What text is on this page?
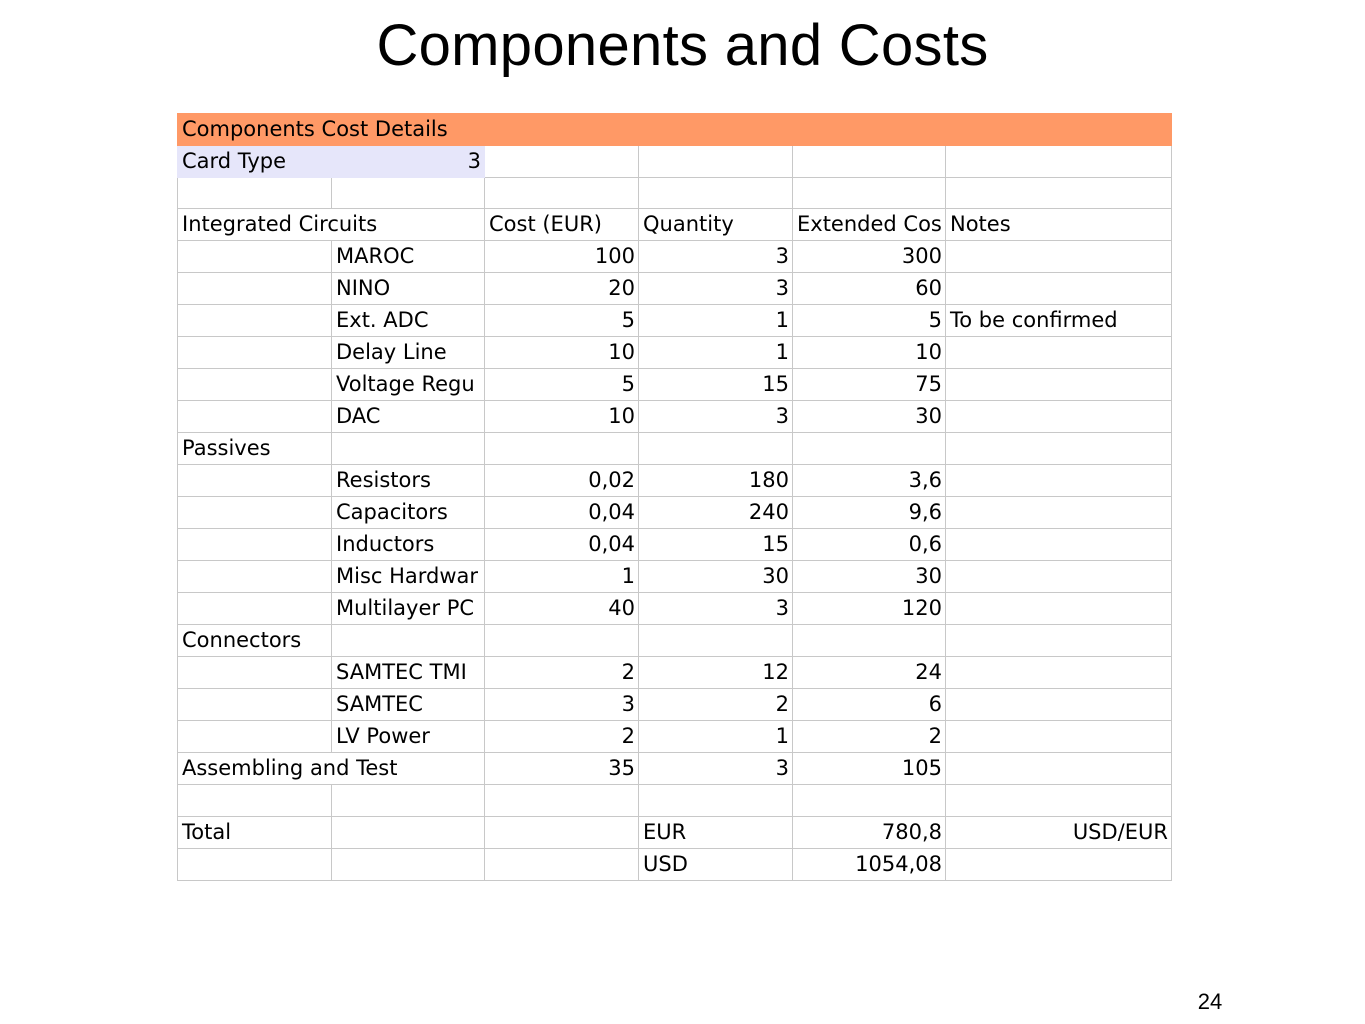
Components and Costs
Components Cost Details					
Card Type	3				

Integrated Circuits		Cost (EUR)	Quantity	Extended Cos	Notes
	MAROC	100	3	300	
	NINO	20	3	60	
	Ext. ADC	5	1	5	To be confirmed
	Delay Line	10	1	10	
	Voltage Regu	5	15	75	
	DAC	10	3	30	
Passives					
	Resistors	0,02	180	3,6	
	Capacitors	0,04	240	9,6	
	Inductors	0,04	15	0,6	
	Misc Hardwar	1	30	30	
	Multilayer PC	40	3	120	
Connectors					
	SAMTEC TMI	2	12	24	
	SAMTEC	3	2	6	
	LV Power	2	1	2	
Assembling and Test		35	3	105	

Total			EUR	780,8	USD/EUR
			USD	1054,08	
24
